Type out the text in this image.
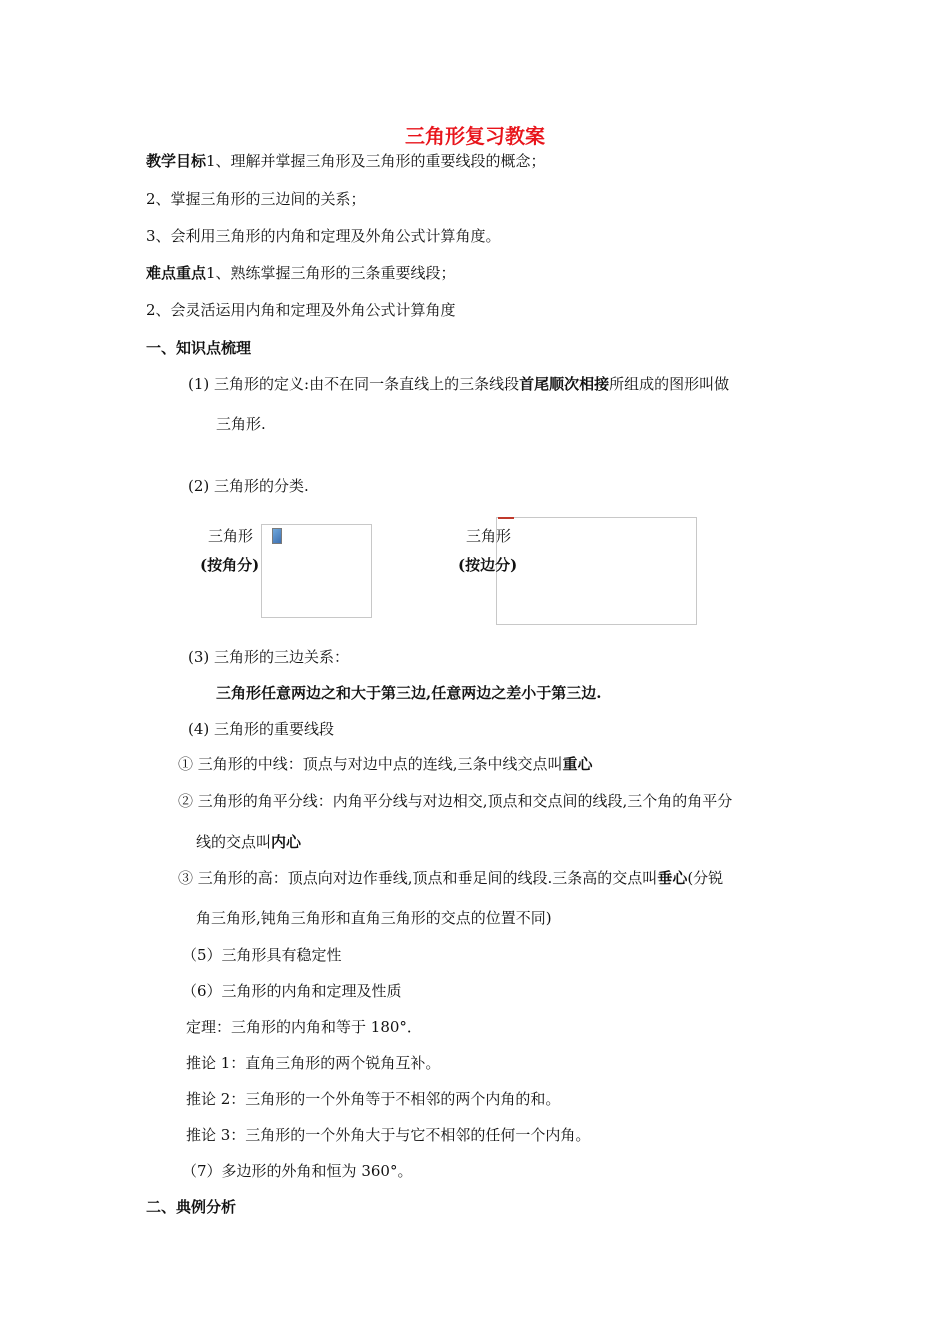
三角形复习教案
教学目标1、理解并掌握三角形及三角形的重要线段的概念；
2、掌握三角形的三边间的关系；
3、会利用三角形的内角和定理及外角公式计算角度。
难点重点1、熟练掌握三角形的三条重要线段；
2、会灵活运用内角和定理及外角公式计算角度
一、知识点梳理
(1) 三角形的定义:由不在同一条直线上的三条线段首尾顺次相接所组成的图形叫做
三角形.
(2) 三角形的分类.
三角形
(按角分)
三角形
(按边分)
(3) 三角形的三边关系：
三角形任意两边之和大于第三边,任意两边之差小于第三边.
(4) 三角形的重要线段
① 三角形的中线：顶点与对边中点的连线,三条中线交点叫重心
② 三角形的角平分线：内角平分线与对边相交,顶点和交点间的线段,三个角的角平分
线的交点叫内心
③ 三角形的高：顶点向对边作垂线,顶点和垂足间的线段.三条高的交点叫垂心(分锐
角三角形,钝角三角形和直角三角形的交点的位置不同)
（5）三角形具有稳定性
（6）三角形的内角和定理及性质
定理：三角形的内角和等于 180°．
推论 1：直角三角形的两个锐角互补。
推论 2：三角形的一个外角等于不相邻的两个内角的和。
推论 3：三角形的一个外角大于与它不相邻的任何一个内角。
（7）多边形的外角和恒为 360°。
二、典例分析
